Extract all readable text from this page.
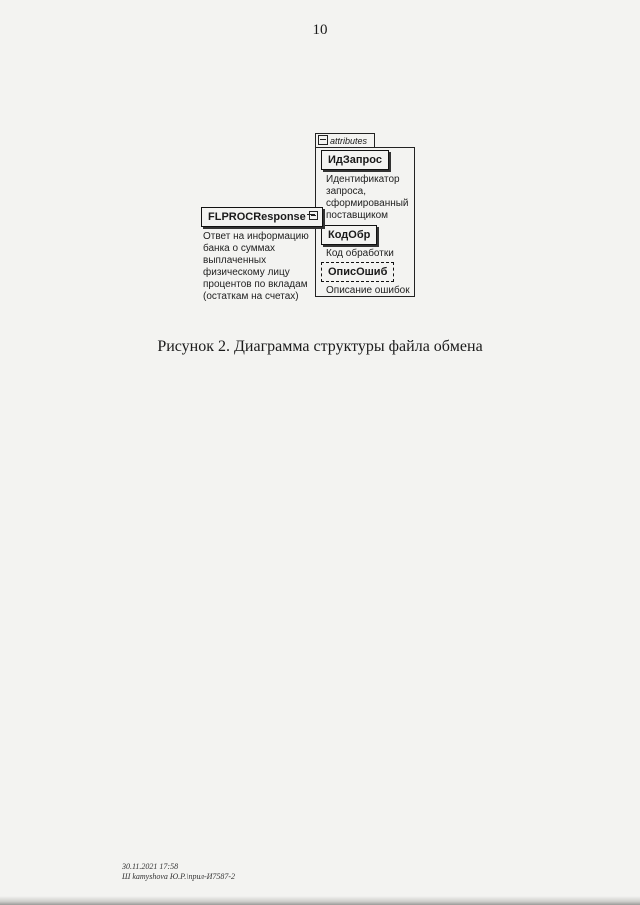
10
attributes
ИдЗапрос
Идентификатор запроса, сформированный поставщиком
КодОбр
Код обработки
ОписОшиб
Описание ошибок
FLPROCResponse
Ответ на информацию банка о суммах выплаченных физическому лицу процентов по вкладам (остаткам на счетах)
Рисунок 2. Диаграмма структуры файла обмена
30.11.2021 17:58
Ш kamyshova Ю.Р.\прил-И7587-2
